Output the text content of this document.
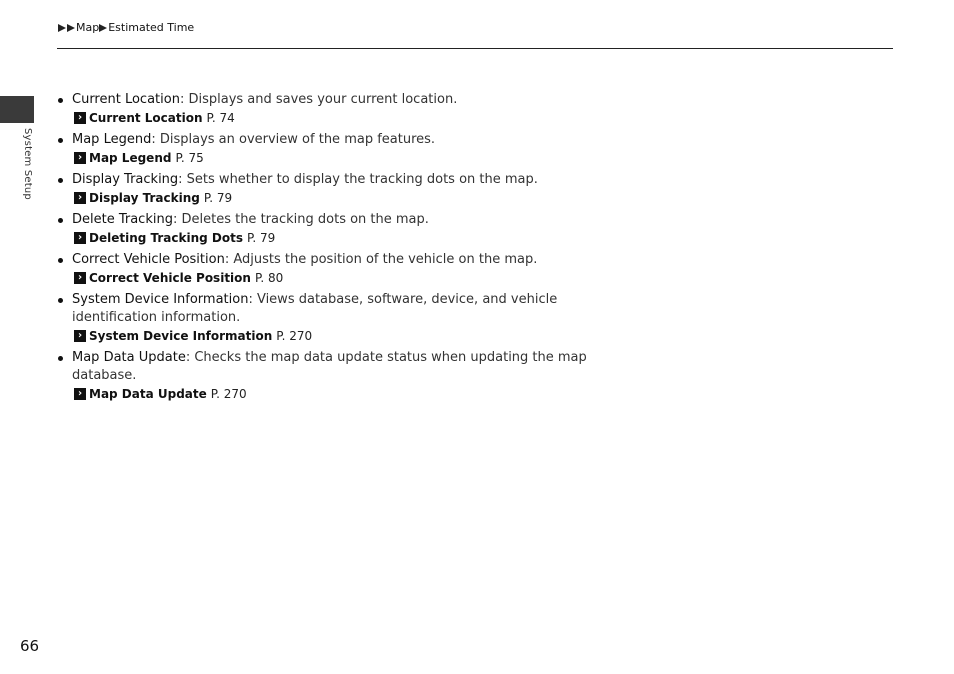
Map Estimated Time
System Setup
Current Location: Displays and saves your current location.
› Current Location P. 74
Map Legend: Displays an overview of the map features.
› Map Legend P. 75
Display Tracking: Sets whether to display the tracking dots on the map.
› Display Tracking P. 79
Delete Tracking: Deletes the tracking dots on the map.
› Deleting Tracking Dots P. 79
Correct Vehicle Position: Adjusts the position of the vehicle on the map.
› Correct Vehicle Position P. 80
System Device Information: Views database, software, device, and vehicle identification information.
› System Device Information P. 270
Map Data Update: Checks the map data update status when updating the map database.
› Map Data Update P. 270
66
